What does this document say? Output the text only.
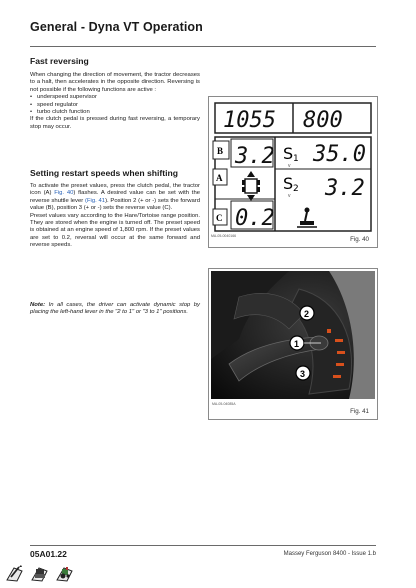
General - Dyna VT Operation
Fast reversing

When changing the direction of movement, the tractor decreases to a halt, then accelerates in the opposite direction. Reversing is not possible if the following functions are active :

• underspeed supervisor
• speed regulator
• turbo clutch function

If the clutch pedal is pressed during fast reversing, a temporary stop may occur.

Setting restart speeds when shifting

To activate the preset values, press the clutch pedal, the tractor icon (A) Fig. 40) flashes. A desired value can be set with the reverse shuttle lever (Fig. 41). Position 2 (+ or -) sets the forward value (B), position 3 (+ or -) sets the reverse value (C).

Preset values vary according to the Hare/Tortoise range position. They are stored when the engine is turned off. The preset speed is obtained at an engine speed of 1,800 rpm. If the preset values are set to 0.2, reversal will occur at the same forward and reverse speeds.

Note: In all cases, the driver can activate dynamic stop by placing the left-hand lever in the "2 to 1" or "3 to 1" positions.
1055 800
B 3.2
A
C 0.2
S 1
v 35.0
S 2
v 3.2
MA-05-0040166	Fig. 40
2
1
3
MA-05-04085A
Fig. 41
05A01.22	Massey Ferguson 8400 - Issue 1.b
